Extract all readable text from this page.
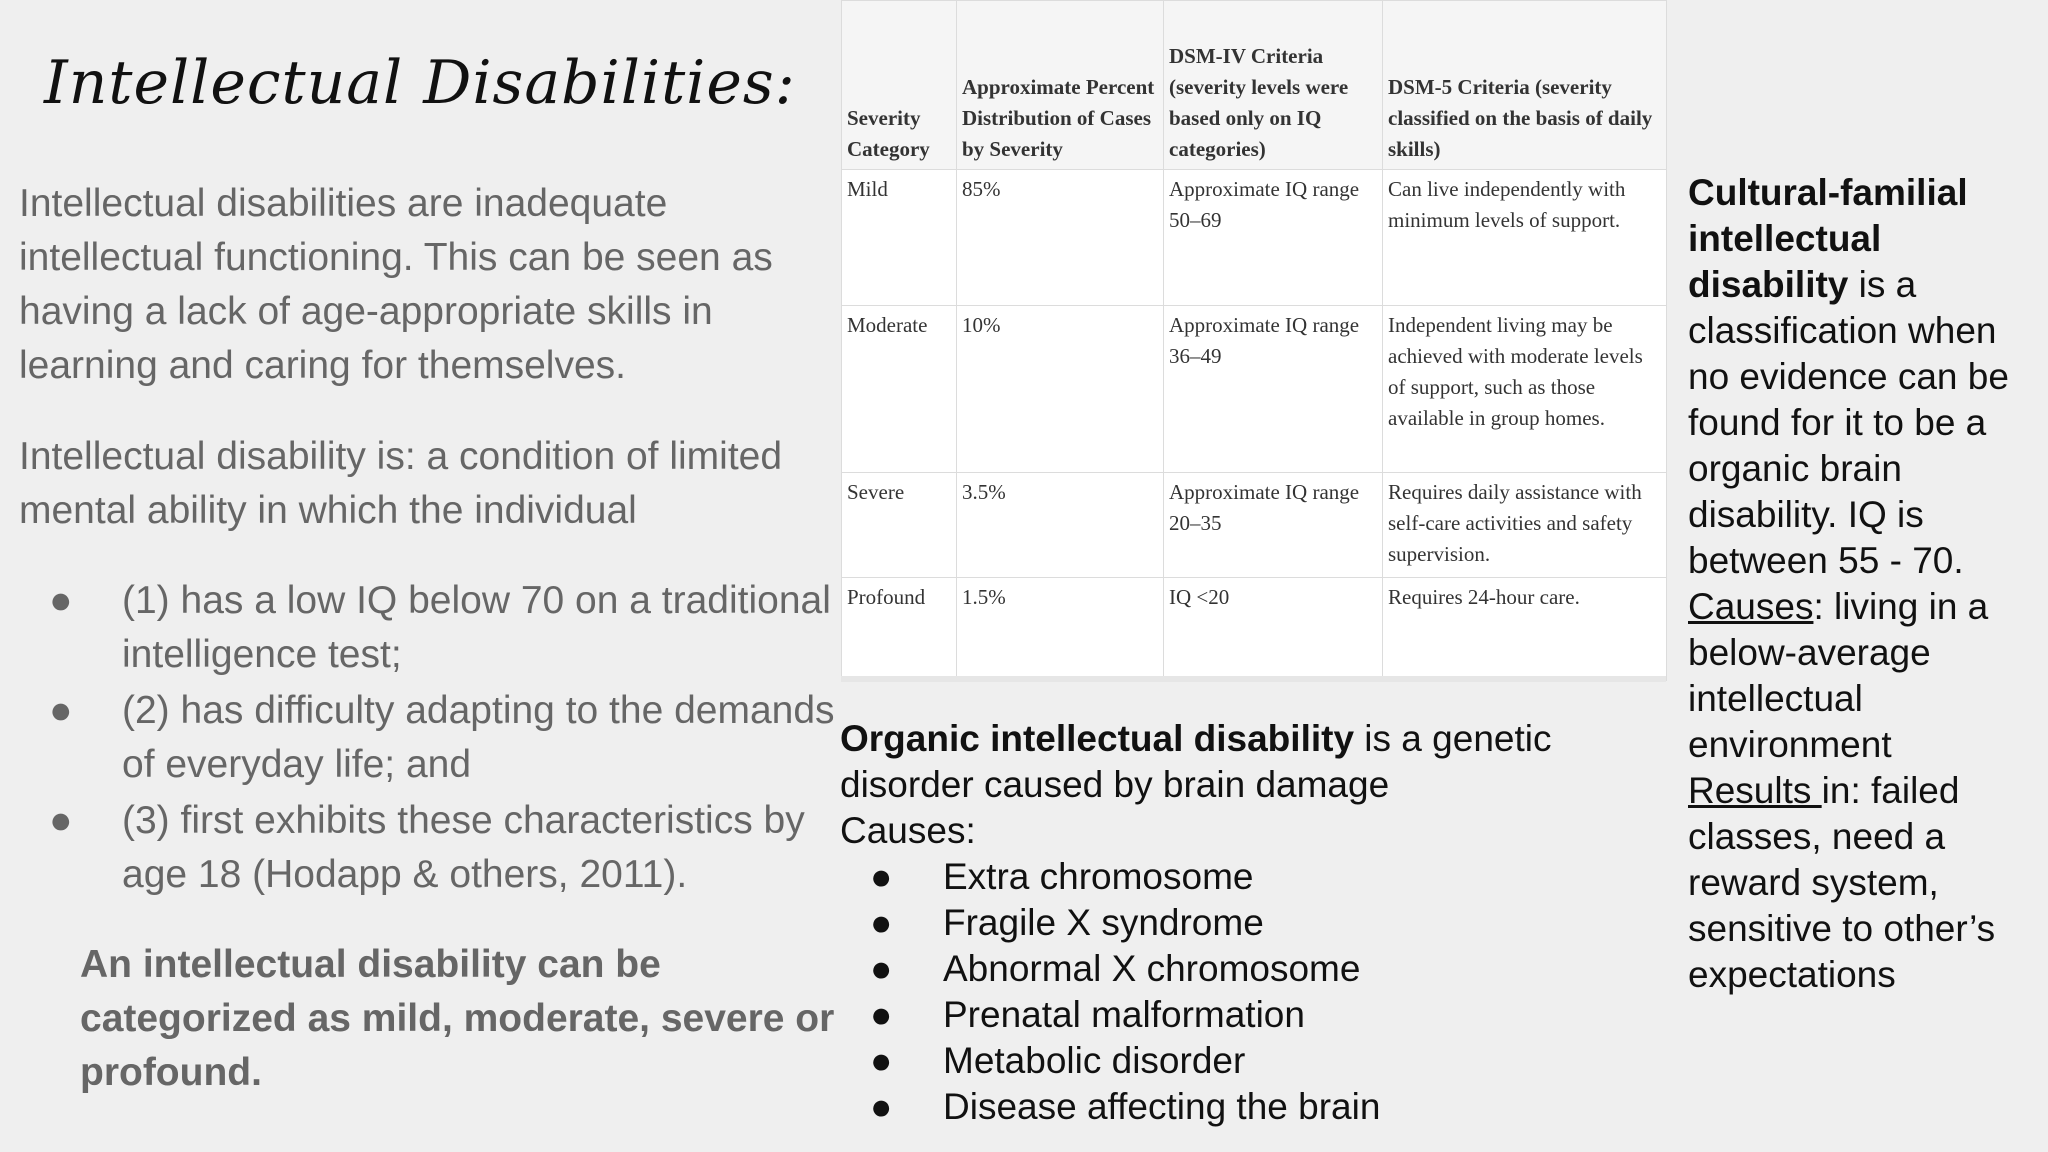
Intellectual Disabilities:
Intellectual disabilities are inadequate intellectual functioning. This can be seen as having a lack of age-appropriate skills in learning and caring for themselves.
Intellectual disability is: a condition of limited mental ability in which the individual
● (1) has a low IQ below 70 on a traditional intelligence test;
● (2) has difficulty adapting to the demands of everyday life; and
● (3) first exhibits these characteristics by age 18 (Hodapp & others, 2011).
An intellectual disability can be categorized as mild, moderate, severe or profound.
Severity Category	Approximate Percent Distribution of Cases by Severity	DSM-IV Criteria (severity levels were based only on IQ categories)	DSM-5 Criteria (severity classified on the basis of daily skills)
Mild	85%	Approximate IQ range 50–69	Can live independently with minimum levels of support.
Moderate	10%	Approximate IQ range 36–49	Independent living may be achieved with moderate levels of support, such as those available in group homes.
Severe	3.5%	Approximate IQ range 20–35	Requires daily assistance with self-care activities and safety supervision.
Profound	1.5%	IQ <20	Requires 24-hour care.
Organic intellectual disability is a genetic disorder caused by brain damage
Causes:
● Extra chromosome
● Fragile X syndrome
● Abnormal X chromosome
● Prenatal malformation
● Metabolic disorder
● Disease affecting the brain
Cultural-familial intellectual disability is a classification when no evidence can be found for it to be a organic brain disability. IQ is between 55 - 70.
Causes: living in a below-average intellectual environment
Results in: failed classes, need a reward system, sensitive to other’s expectations
